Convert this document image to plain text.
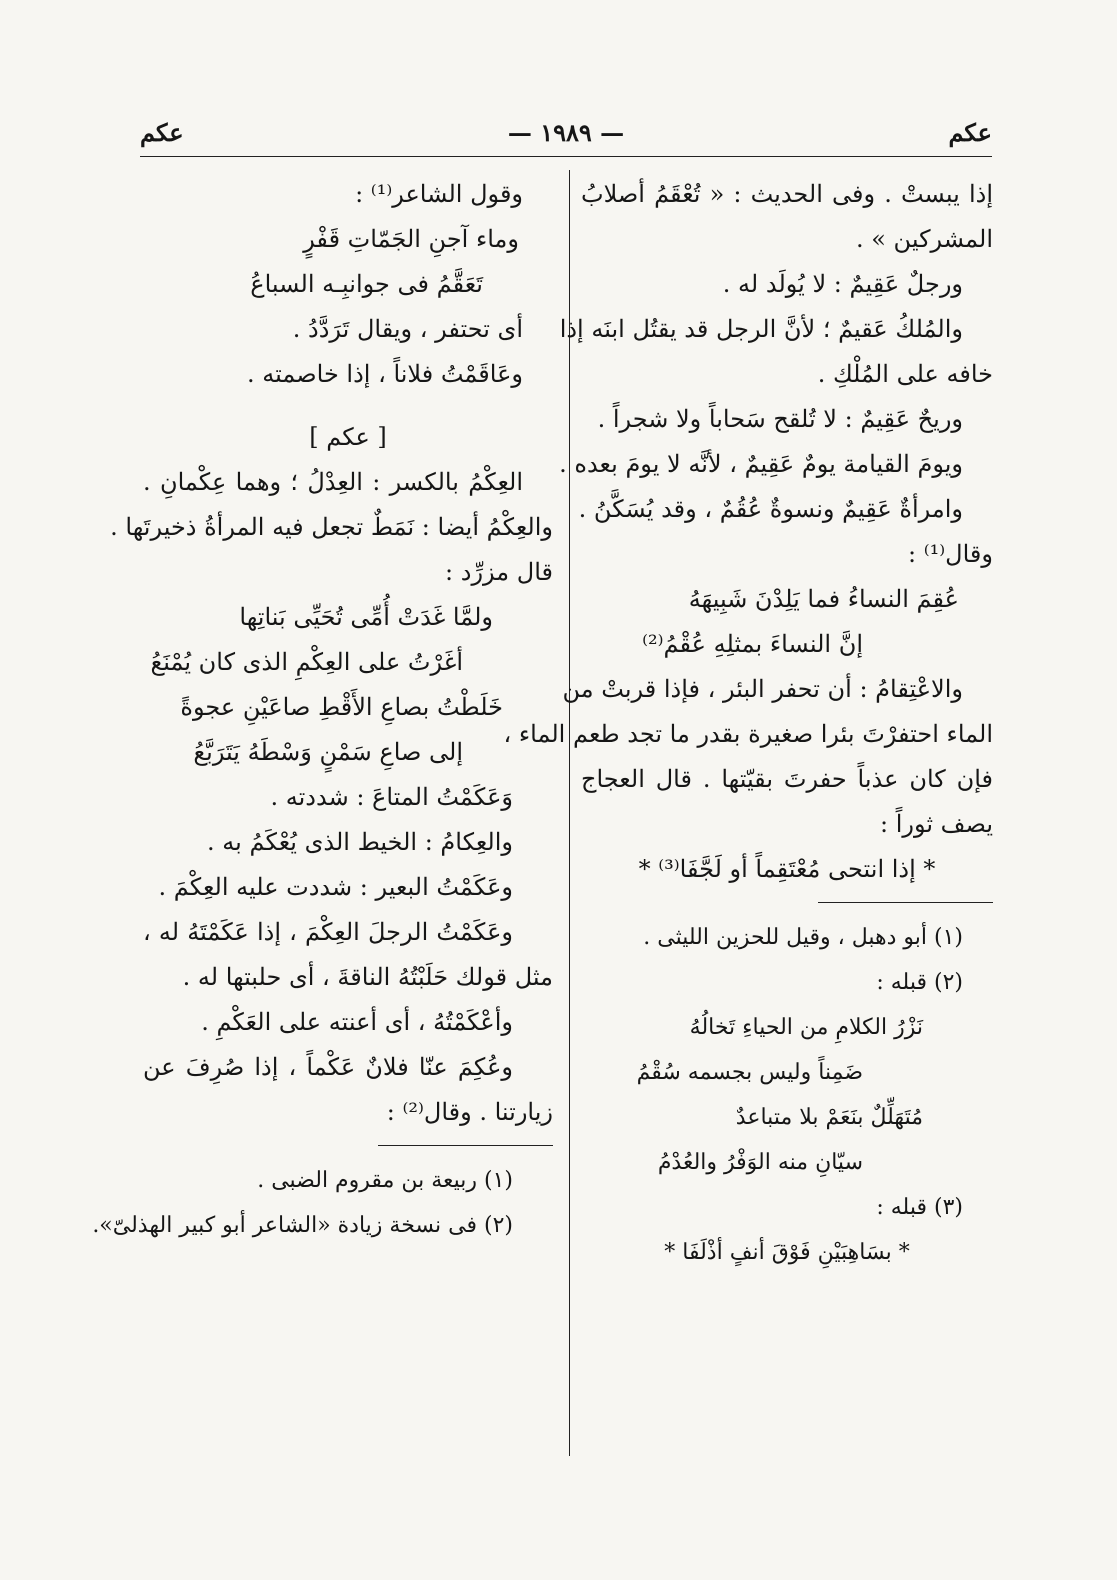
عكم
— ١٩٨٩ —
عكم
إذا يبستْ . وفى الحديث : « تُعْقَمُ أصلابُ
المشركين » .
ورجلٌ عَقِيمٌ : لا يُولَد له .
والمُلكُ عَقيمٌ ؛ لأنَّ الرجل قد يقتُل ابنَه إذا
خافه على المُلْكِ .
وريحٌ عَقِيمٌ : لا تُلقح سَحاباً ولا شجراً .
ويومَ القيامة يومٌ عَقِيمٌ ، لأنَّه لا يومَ بعده .
وامرأةٌ عَقِيمٌ ونسوةٌ عُقُمٌ ، وقد يُسَكَّنُ .
وقال⁽¹⁾ :
عُقِمَ النساءُ فما يَلِدْنَ شَبِيهَهُ
إنَّ النساءَ بمثلِهِ عُقْمُ⁽²⁾
والاعْتِقامُ : أن تحفر البئر ، فإذا قربتْ من
الماء احتفرْتَ بئرا صغيرة بقدر ما تجد طعم الماء ،
فإن كان عذباً حفرتَ بقيّتها . قال العجاج
يصف ثوراً :
* إذا انتحى مُعْتَقِماً أو لَجَّفَا⁽³⁾ *
(١) أبو دهبل ، وقيل للحزين الليثى .
(٢) قبله :
نَزْرُ الكلامِ من الحياءِ تَخالُهُ
ضَمِناً وليس بجسمه سُقْمُ
مُتَهَلِّلٌ بنَعَمْ بلا متباعدٌ
سيّانِ منه الوَفْرُ والعُدْمُ
(٣) قبله :
* بسَاهِبَيْنِ فَوْقَ أنفٍ أذْلَفَا *
وقول الشاعر⁽¹⁾ :
وماء آجنِ الجَمّاتِ قَفْرٍ
تَعَقَّمُ فى جوانبِـه السباعُ
أى تحتفر ، ويقال تَرَدَّدُ .
وعَاقَمْتُ فلاناً ، إذا خاصمته .
[ عكم ]
العِكْمُ بالكسر : العِدْلُ ؛ وهما عِكْمانِ .
والعِكْمُ أيضا : نَمَطٌ تجعل فيه المرأةُ ذخيرتَها .
قال مزرِّد :
ولمَّا غَدَتْ أُمِّى تُحَيِّى بَناتِها
أغَرْتُ على العِكْمِ الذى كان يُمْنَعُ
خَلَطْتُ بصاعِ الأَقْطِ صاعَيْنِ عجوةً
إلى صاعِ سَمْنٍ وَسْطَهُ يَتَرَبَّعُ
وَعَكَمْتُ المتاعَ : شددته .
والعِكامُ : الخيط الذى يُعْكَمُ به .
وعَكَمْتُ البعير : شددت عليه العِكْمَ .
وعَكَمْتُ الرجلَ العِكْمَ ، إذا عَكَمْتَهُ له ،
مثل قولك حَلَبْتُهُ الناقةَ ، أى حلبتها له .
وأعْكَمْتُهُ ، أى أعنته على العَكْمِ .
وعُكِمَ عنّا فلانٌ عَكْماً ، إذا صُرِفَ عن
زيارتنا . وقال⁽²⁾ :
(١) ربيعة بن مقروم الضبى .
(٢) فى نسخة زيادة «الشاعر أبو كبير الهذلىّ».
